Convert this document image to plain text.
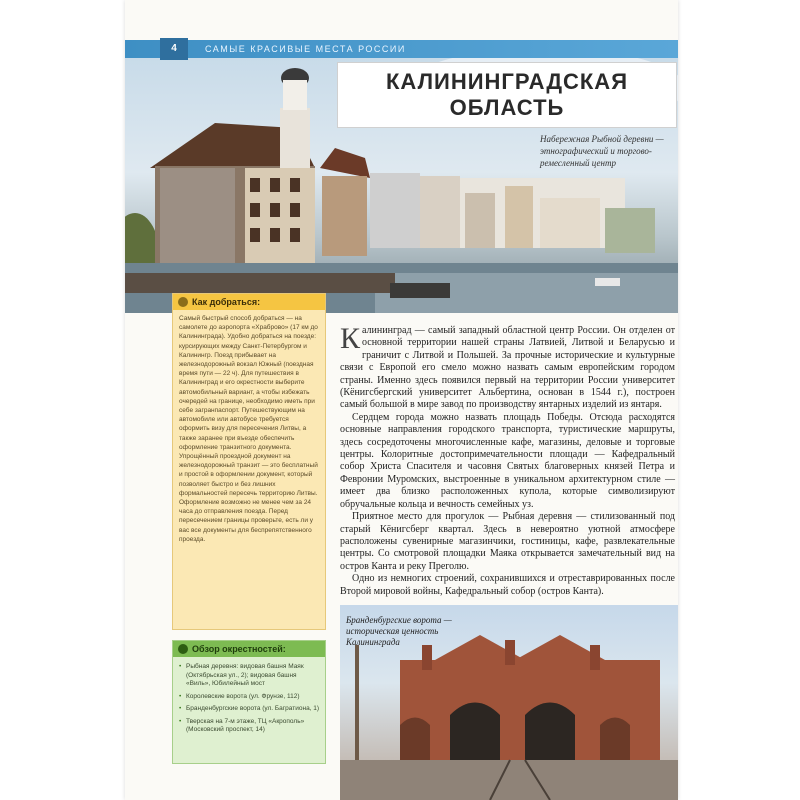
4	САМЫЕ КРАСИВЫЕ МЕСТА РОССИИ
КАЛИНИНГРАДСКАЯ
ОБЛАСТЬ
Набережная Рыбной деревни — этнографический и торгово-ремесленный центр
Как добраться:
Самый быстрый способ добраться — на самолете до аэропорта «Храброво» (17 км до Калининграда). Удобно добраться на поезде: курсирующих между Санкт-Петербургом и Калинингр. Поезд прибывает на железнодорожный вокзал Южный (поездная время пути — 22 ч). Для путешествия в Калининград и его окрестности выберите автомобильный вариант, а чтобы избежать очередей на границе, необходимо иметь при себе загранпаспорт. Путешествующим на автомобиле или автобусе требуется оформить визу для пересечения Литвы, а также заранее при въезде обеспечить оформление транзитного документа. Упрощённый проездной документ на железнодорожный транзит — это бесплатный и простой в оформлении документ, который позволяет быстро и без лишних формальностей пересечь территорию Литвы. Оформление возможно не менее чем за 24 часа до отправления поезда. Перед пересечением границы проверьте, есть ли у вас все документы для беспрепятственного проезда.
Обзор окрестностей:
• Рыбная деревня: видовая башня Маяк (Октябрьская ул., 2); видовая башня «Виль», Юбилейный мост
• Королевские ворота (ул. Фрунзе, 112)
• Бранденбургские ворота (ул. Багратиона, 1)
• Тверская на 7-м этаже, ТЦ «Акрополь» (Московский проспект, 14)

Калининград — самый западный областной центр России. Он отделен от основной территории нашей страны Латвией, Литвой и Беларусью и граничит с Литвой и Польшей. За прочные исторические и культурные связи с Европой его смело можно назвать самым европейским городом страны. Именно здесь появился первый на территории России университет (Кёнигсбергский университет Альбертина, основан в 1544 г.), построен самый большой в мире завод по производству янтарных изделий из янтаря.

Сердцем города можно назвать площадь Победы. Отсюда расходятся основные направления городского транспорта, туристические маршруты, здесь сосредоточены многочисленные кафе, магазины, деловые и торговые центры. Колоритные достопримечательности площади — Кафедральный собор Христа Спасителя и часовня Святых благоверных князей Петра и Февронии Муромских, выстроенные в уникальном архитектурном стиле — имеет два близко расположенных купола, которые символизируют обручальные кольца и вечность семейных уз.

Приятное место для прогулок — Рыбная деревня — стилизованный под старый Кёнигсберг квартал. Здесь в невероятно уютной атмосфере расположены сувенирные магазинчики, гостиницы, кафе, развлекательные центры. Со смотровой площадки Маяка открывается замечательный вид на остров Канта и реку Преголю.

Одно из немногих строений, сохранившихся и отреставрированных после Второй мировой войны, Кафедральный собор (остров Канта).

Бранденбургские ворота — историческая ценность Калининграда
